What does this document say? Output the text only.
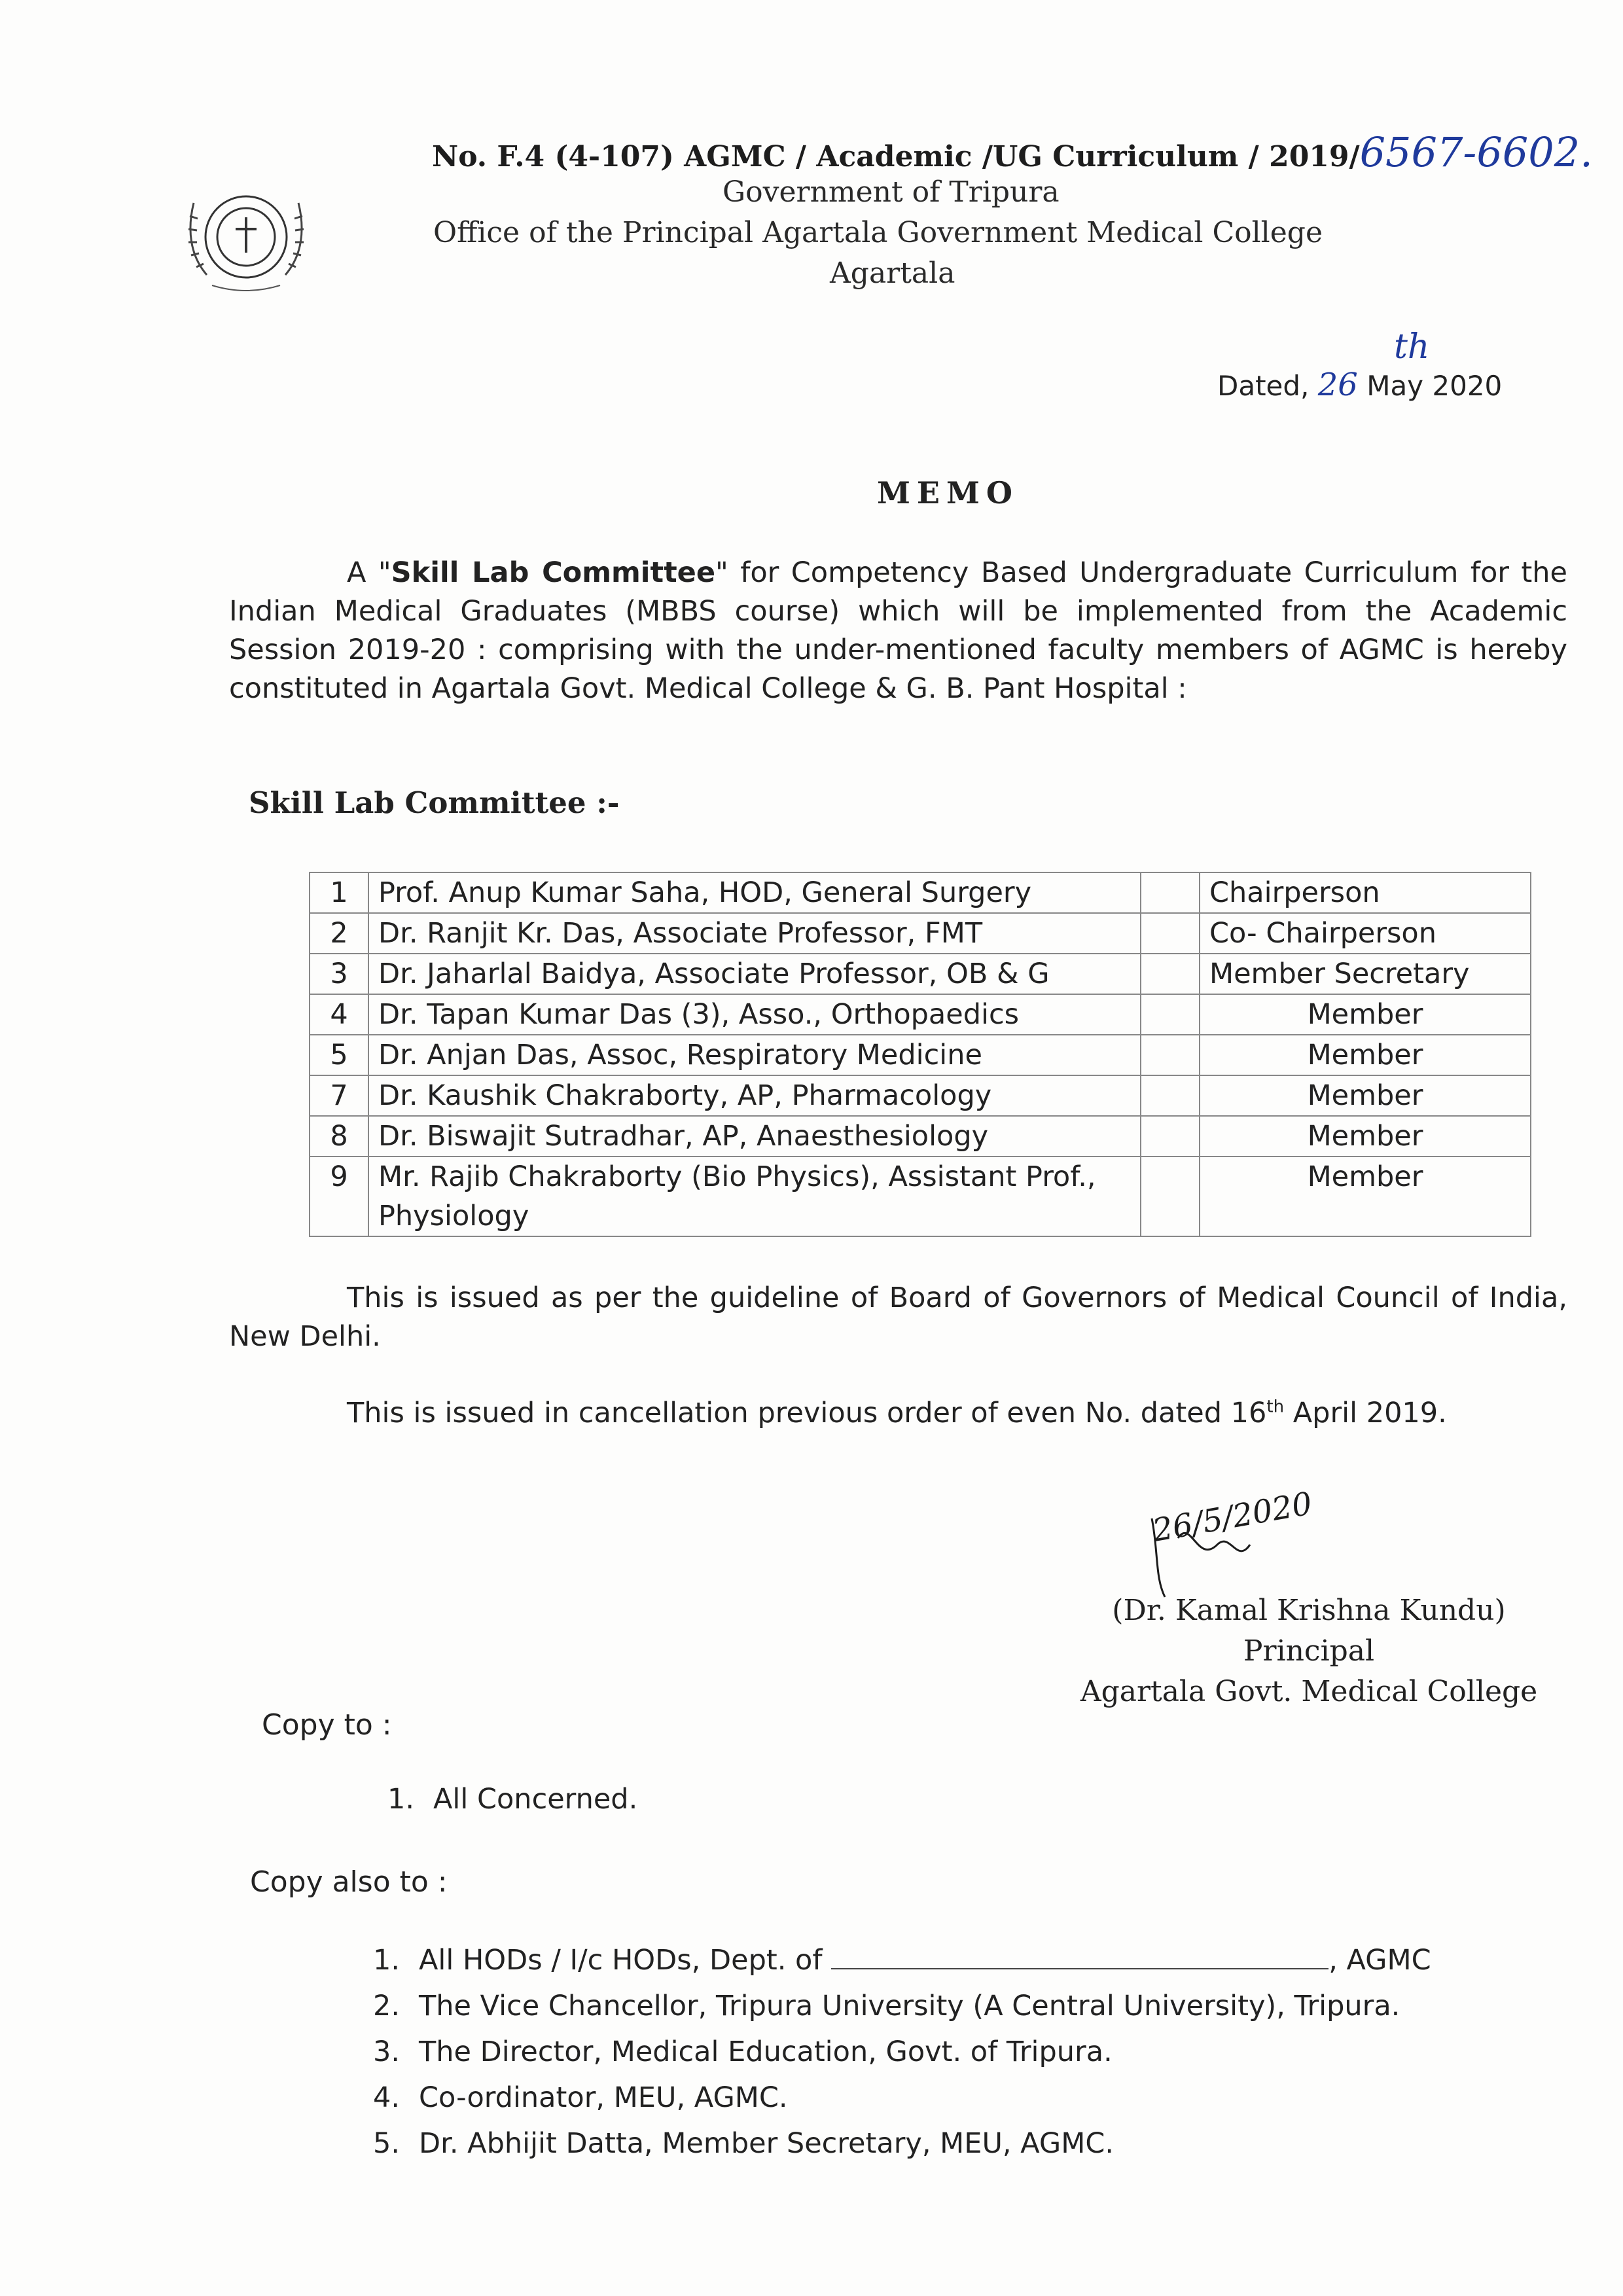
No. F.4 (4-107) AGMC / Academic /UG Curriculum / 2019/6567-6602.
Government of Tripura
Office of the Principal Agartala Government Medical College
Agartala
th
Dated, 26 May 2020
MEMO
A "Skill Lab Committee" for Competency Based Undergraduate Curriculum for the Indian Medical Graduates (MBBS course) which will be implemented from the Academic Session 2019-20 : comprising with the under-mentioned faculty members of AGMC is hereby constituted in Agartala Govt. Medical College & G. B. Pant Hospital :
Skill Lab Committee :-
1	Prof. Anup Kumar Saha, HOD, General Surgery		Chairperson
2	Dr. Ranjit Kr. Das, Associate Professor, FMT		Co- Chairperson
3	Dr. Jaharlal Baidya, Associate Professor, OB & G		Member Secretary
4	Dr. Tapan Kumar Das (3), Asso., Orthopaedics		Member
5	Dr. Anjan Das, Assoc, Respiratory Medicine		Member
7	Dr. Kaushik Chakraborty, AP, Pharmacology		Member
8	Dr. Biswajit Sutradhar, AP, Anaesthesiology		Member
9	Mr. Rajib Chakraborty (Bio Physics), Assistant Prof., Physiology		Member
This is issued as per the guideline of Board of Governors of Medical Council of India, New Delhi.
This is issued in cancellation previous order of even No. dated 16th April 2019.
26/5/2020
(Dr. Kamal Krishna Kundu)
Principal
Agartala Govt. Medical College
Copy to :
1. All Concerned.
Copy also to :
1. All HODs / I/c HODs, Dept. of	, AGMC
2. The Vice Chancellor, Tripura University (A Central University), Tripura.
3. The Director, Medical Education, Govt. of Tripura.
4. Co-ordinator, MEU, AGMC.
5. Dr. Abhijit Datta, Member Secretary, MEU, AGMC.
